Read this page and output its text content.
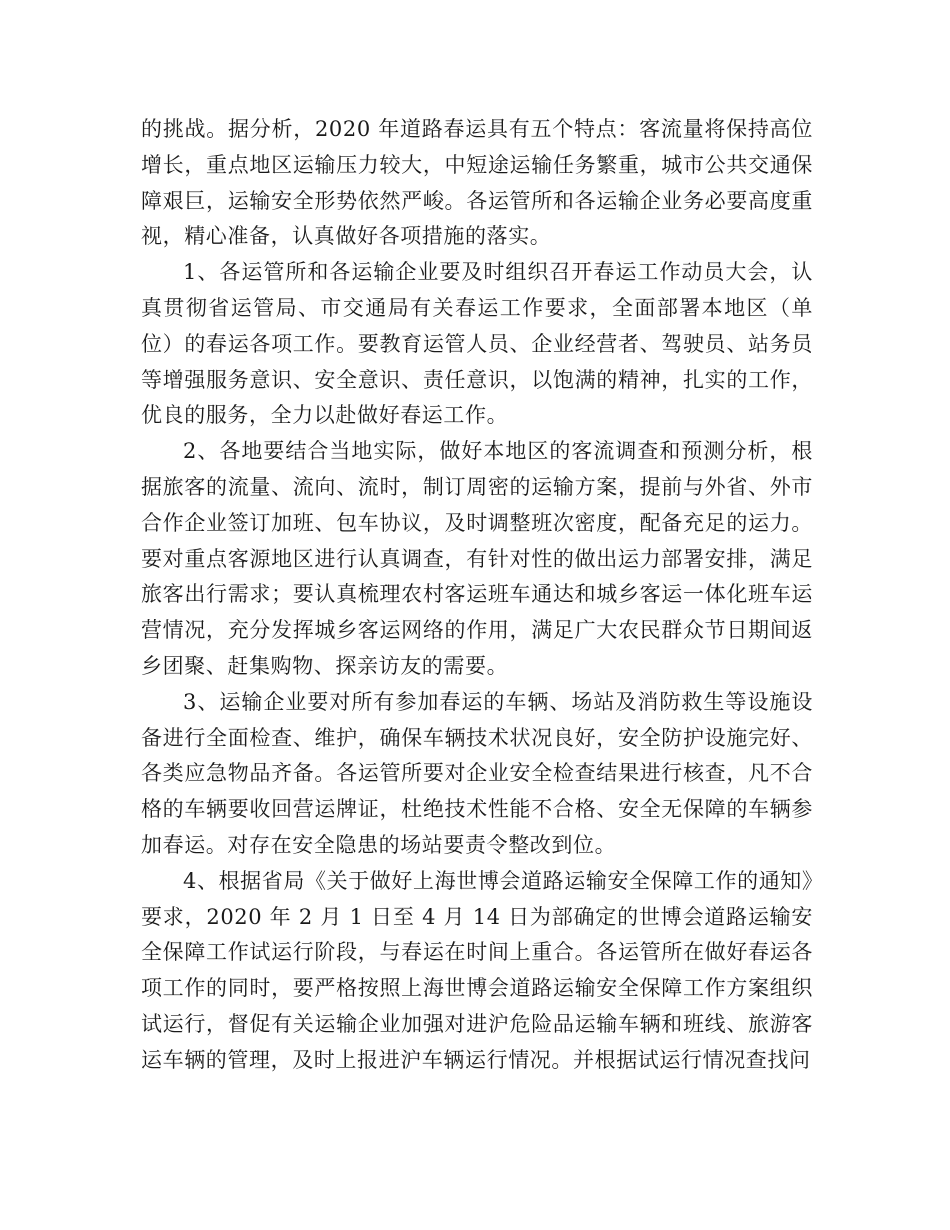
的挑战。据分析，2020 年道路春运具有五个特点：客流量将保持高位增长，重点地区运输压力较大，中短途运输任务繁重，城市公共交通保障艰巨，运输安全形势依然严峻。各运管所和各运输企业务必要高度重视，精心准备，认真做好各项措施的落实。

1、各运管所和各运输企业要及时组织召开春运工作动员大会，认真贯彻省运管局、市交通局有关春运工作要求，全面部署本地区（单位）的春运各项工作。要教育运管人员、企业经营者、驾驶员、站务员等增强服务意识、安全意识、责任意识，以饱满的精神，扎实的工作，优良的服务，全力以赴做好春运工作。

2、各地要结合当地实际，做好本地区的客流调查和预测分析，根据旅客的流量、流向、流时，制订周密的运输方案，提前与外省、外市合作企业签订加班、包车协议，及时调整班次密度，配备充足的运力。要对重点客源地区进行认真调查，有针对性的做出运力部署安排，满足旅客出行需求；要认真梳理农村客运班车通达和城乡客运一体化班车运营情况，充分发挥城乡客运网络的作用，满足广大农民群众节日期间返乡团聚、赶集购物、探亲访友的需要。

3、运输企业要对所有参加春运的车辆、场站及消防救生等设施设备进行全面检查、维护，确保车辆技术状况良好，安全防护设施完好、各类应急物品齐备。各运管所要对企业安全检查结果进行核查，凡不合格的车辆要收回营运牌证，杜绝技术性能不合格、安全无保障的车辆参加春运。对存在安全隐患的场站要责令整改到位。

4、根据省局《关于做好上海世博会道路运输安全保障工作的通知》要求，2020 年 2 月 1 日至 4 月 14 日为部确定的世博会道路运输安全保障工作试运行阶段，与春运在时间上重合。各运管所在做好春运各项工作的同时，要严格按照上海世博会道路运输安全保障工作方案组织试运行，督促有关运输企业加强对进沪危险品运输车辆和班线、旅游客运车辆的管理，及时上报进沪车辆运行情况。并根据试运行情况查找问
